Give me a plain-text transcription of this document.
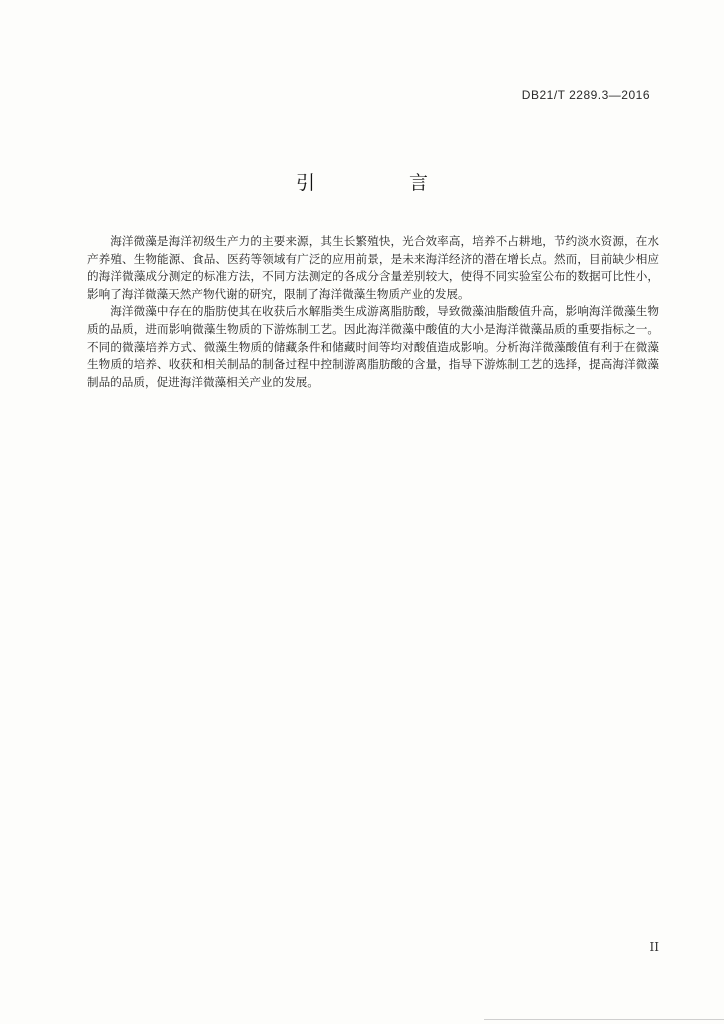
DB21/T 2289.3—2016
引 言

海洋微藻是海洋初级生产力的主要来源，其生长繁殖快，光合效率高，培养不占耕地，节约淡水资源，在水产养殖、生物能源、食品、医药等领域有广泛的应用前景，是未来海洋经济的潜在增长点。然而，目前缺少相应的海洋微藻成分测定的标准方法，不同方法测定的各成分含量差别较大，使得不同实验室公布的数据可比性小，影响了海洋微藻天然产物代谢的研究，限制了海洋微藻生物质产业的发展。

海洋微藻中存在的脂肪使其在收获后水解脂类生成游离脂肪酸，导致微藻油脂酸值升高，影响海洋微藻生物质的品质，进而影响微藻生物质的下游炼制工艺。因此海洋微藻中酸值的大小是海洋微藻品质的重要指标之一。不同的微藻培养方式、微藻生物质的储藏条件和储藏时间等均对酸值造成影响。分析海洋微藻酸值有利于在微藻生物质的培养、收获和相关制品的制备过程中控制游离脂肪酸的含量，指导下游炼制工艺的选择，提高海洋微藻制品的品质，促进海洋微藻相关产业的发展。

II
